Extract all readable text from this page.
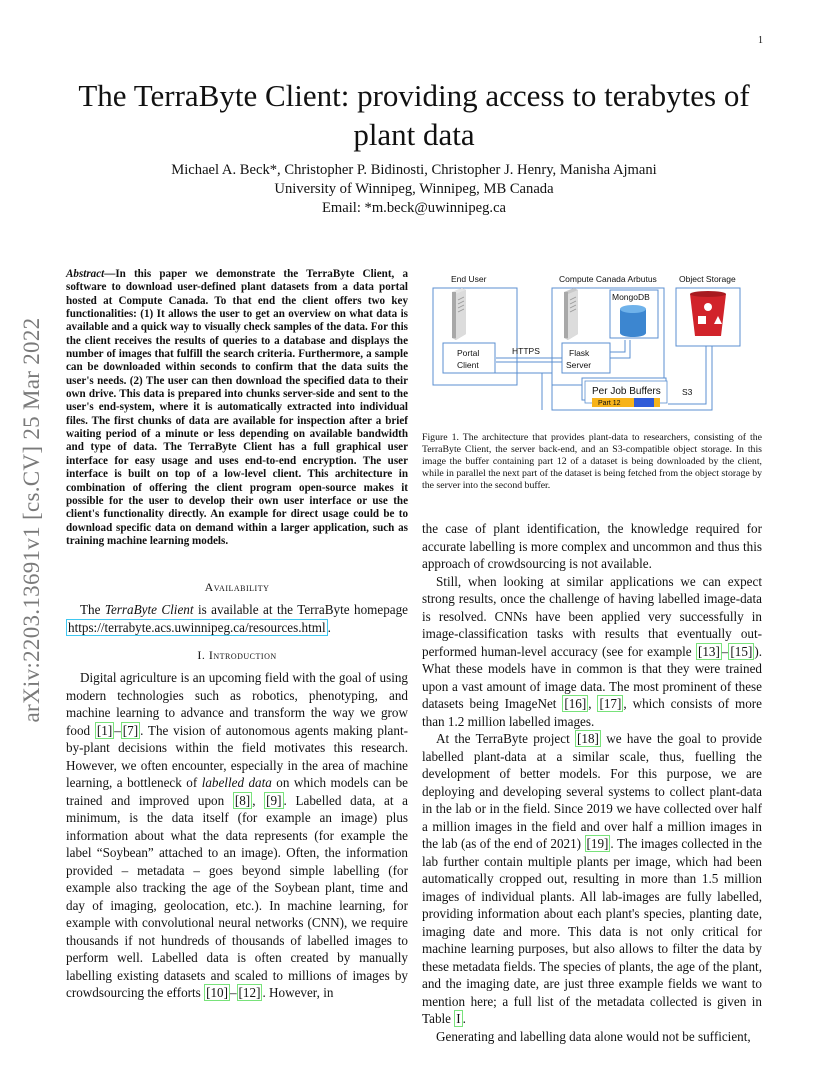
1
arXiv:2203.13691v1 [cs.CV] 25 Mar 2022
The TerraByte Client: providing access to terabytes of plant data
Michael A. Beck*, Christopher P. Bidinosti, Christopher J. Henry, Manisha Ajmani
University of Winnipeg, Winnipeg, MB Canada
Email: *m.beck@uwinnipeg.ca

Abstract—In this paper we demonstrate the TerraByte Client, a software to download user-defined plant datasets from a data portal hosted at Compute Canada. To that end the client offers two key functionalities: (1) It allows the user to get an overview on what data is available and a quick way to visually check samples of the data. For this the client receives the results of queries to a database and displays the number of images that fulfill the search criteria. Furthermore, a sample can be downloaded within seconds to confirm that the data suits the user's needs. (2) The user can then download the specified data to their own drive. This data is prepared into chunks server-side and sent to the user's end-system, where it is automatically extracted into individual files. The first chunks of data are available for inspection after a brief waiting period of a minute or less depending on available bandwidth and type of data. The TerraByte Client has a full graphical user interface for easy usage and uses end-to-end encryption. The user interface is built on top of a low-level client. This architecture in combination of offering the client program open-source makes it possible for the user to develop their own user interface or use the client's functionality directly. An example for direct usage could be to download specific data on demand within a larger application, such as training machine learning models.

Availability

The TerraByte Client is available at the TerraByte homepage https://terrabyte.acs.uwinnipeg.ca/resources.html .

I. Introduction

Digital agriculture is an upcoming field with the goal of using modern technologies such as robotics, phenotyping, and machine learning to advance and transform the way we grow food [1] – [7] . The vision of autonomous agents making plant-by-plant decisions within the field motivates this research. However, we often encounter, especially in the area of machine learning, a bottleneck of labelled data on which models can be trained and improved upon [8] , [9] . Labelled data, at a minimum, is the data itself (for example an image) plus information about what the data represents (for example the label “Soybean” attached to an image). Often, the information provided – metadata – goes beyond simple labelling (for example also tracking the age of the Soybean plant, time and day of imaging, geolocation, etc.). In machine learning, for example with convolutional neural networks (CNN), we require thousands if not hundreds of thousands of labelled images to perform well. Labelled data is often created by manually labelling existing datasets and scaled to millions of images by crowdsourcing the efforts [10] – [12] . However, in

End User	Compute Canada Arbutus	Object Storage
Portal
Client
MongoDB
Flask
Server
HTTPS
Per Job Buffers
Part 12
S3

Figure 1. The architecture that provides plant-data to researchers, consisting of the TerraByte Client, the server back-end, and an S3-compatible object storage. In this image the buffer containing part 12 of a dataset is being downloaded by the client, while in parallel the next part of the dataset is being fetched from the object storage by the server into the second buffer.

the case of plant identification, the knowledge required for accurate labelling is more complex and uncommon and thus this approach of crowdsourcing is not available.

Still, when looking at similar applications we can expect strong results, once the challenge of having labelled image-data is resolved. CNNs have been applied very successfully in image-classification tasks with results that eventually out-performed human-level accuracy (see for example [13] – [15] ). What these models have in common is that they were trained upon a vast amount of image data. The most prominent of these datasets being ImageNet [16] , [17] , which consists of more than 1.2 million labelled images.

At the TerraByte project [18] we have the goal to provide labelled plant-data at a similar scale, thus, fuelling the development of better models. For this purpose, we are deploying and developing several systems to collect plant-data in the lab or in the field. Since 2019 we have collected over half a million images in the field and over half a million images in the lab (as of the end of 2021) [19] . The images collected in the lab further contain multiple plants per image, which had been automatically cropped out, resulting in more than 1.5 million images of individual plants. All lab-images are fully labelled, providing information about each plant's species, planting date, imaging date and more. This data is not only critical for machine learning purposes, but also allows to filter the data by these metadata fields. The species of plants, the age of the plant, and the imaging date, are just three example fields we want to mention here; a full list of the metadata collected is given in Table I .

Generating and labelling data alone would not be sufficient,
